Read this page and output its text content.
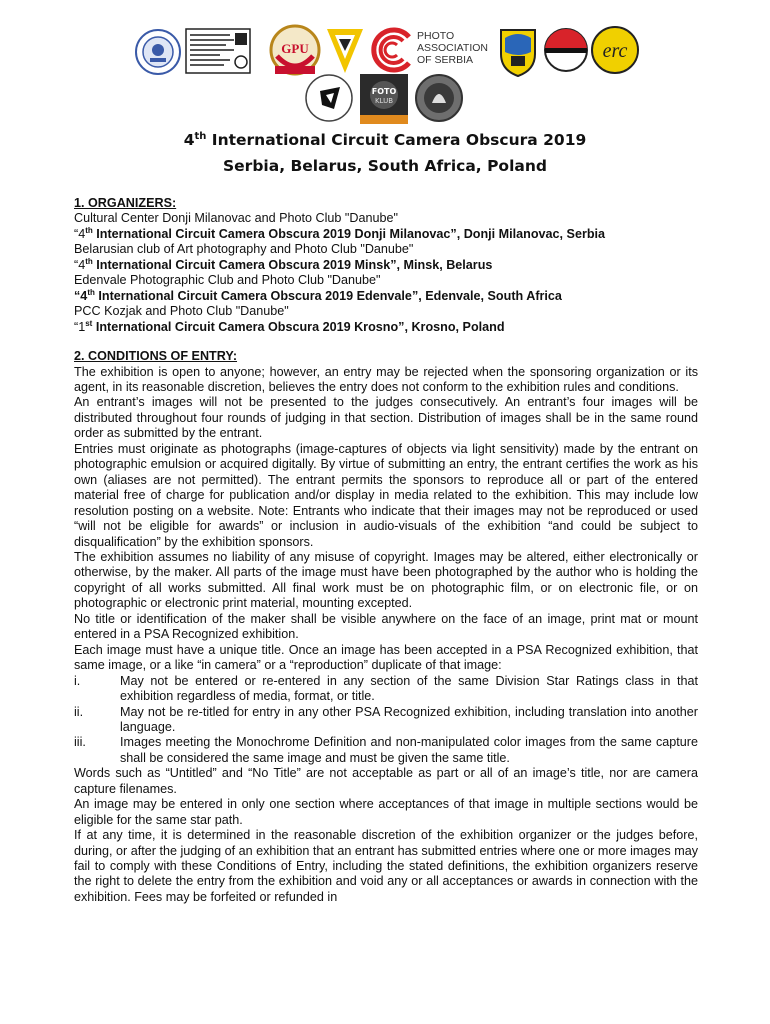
GPU
PHOTO
ASSOCIATION
OF SERBIA	erc
FOTO
KLUB
4th International Circuit Camera Obscura 2019
Serbia, Belarus, South Africa, Poland

1. ORGANIZERS:

Cultural Center Donji Milanovac and Photo Club "Danube"

“4th International Circuit Camera Obscura 2019 Donji Milanovac”, Donji Milanovac, Serbia

Belarusian club of Art photography and Photo Club "Danube"

“4th International Circuit Camera Obscura 2019 Minsk”, Minsk, Belarus

Edenvale Photographic Club and Photo Club "Danube"

“4th International Circuit Camera Obscura 2019 Edenvale”, Edenvale, South Africa

PCC Kozjak and Photo Club "Danube"

“1st International Circuit Camera Obscura 2019 Krosno”, Krosno, Poland

2. CONDITIONS OF ENTRY:

The exhibition is open to anyone; however, an entry may be rejected when the sponsoring organization or its agent, in its reasonable discretion, believes the entry does not conform to the exhibition rules and conditions.

An entrant’s images will not be presented to the judges consecutively. An entrant’s four images will be distributed throughout four rounds of judging in that section. Distribution of images shall be in the same round order as submitted by the entrant.

Entries must originate as photographs (image-captures of objects via light sensitivity) made by the entrant on photographic emulsion or acquired digitally. By virtue of submitting an entry, the entrant certifies the work as his own (aliases are not permitted). The entrant permits the sponsors to reproduce all or part of the entered material free of charge for publication and/or display in media related to the exhibition. This may include low resolution posting on a website. Note: Entrants who indicate that their images may not be reproduced or used “will not be eligible for awards” or inclusion in audio-visuals of the exhibition “and could be subject to disqualification” by the exhibition sponsors.

The exhibition assumes no liability of any misuse of copyright. Images may be altered, either electronically or otherwise, by the maker. All parts of the image must have been photographed by the author who is holding the copyright of all works submitted. All final work must be on photographic film, or on electronic file, or on photographic or electronic print material, mounting excepted.

No title or identification of the maker shall be visible anywhere on the face of an image, print mat or mount entered in a PSA Recognized exhibition.

Each image must have a unique title. Once an image has been accepted in a PSA Recognized exhibition, that same image, or a like “in camera” or a “reproduction” duplicate of that image:

i.	May not be entered or re-entered in any section of the same Division Star Ratings class in that exhibition regardless of media, format, or title.
ii.	May not be re-titled for entry in any other PSA Recognized exhibition, including translation into another language.
iii.	Images meeting the Monochrome Definition and non-manipulated color images from the same capture shall be considered the same image and must be given the same title.

Words such as “Untitled” and “No Title” are not acceptable as part or all of an image’s title, nor are camera capture filenames.

An image may be entered in only one section where acceptances of that image in multiple sections would be eligible for the same star path.

If at any time, it is determined in the reasonable discretion of the exhibition organizer or the judges before, during, or after the judging of an exhibition that an entrant has submitted entries where one or more images may fail to comply with these Conditions of Entry, including the stated definitions, the exhibition organizers reserve the right to delete the entry from the exhibition and void any or all acceptances or awards in connection with the exhibition. Fees may be forfeited or refunded in
